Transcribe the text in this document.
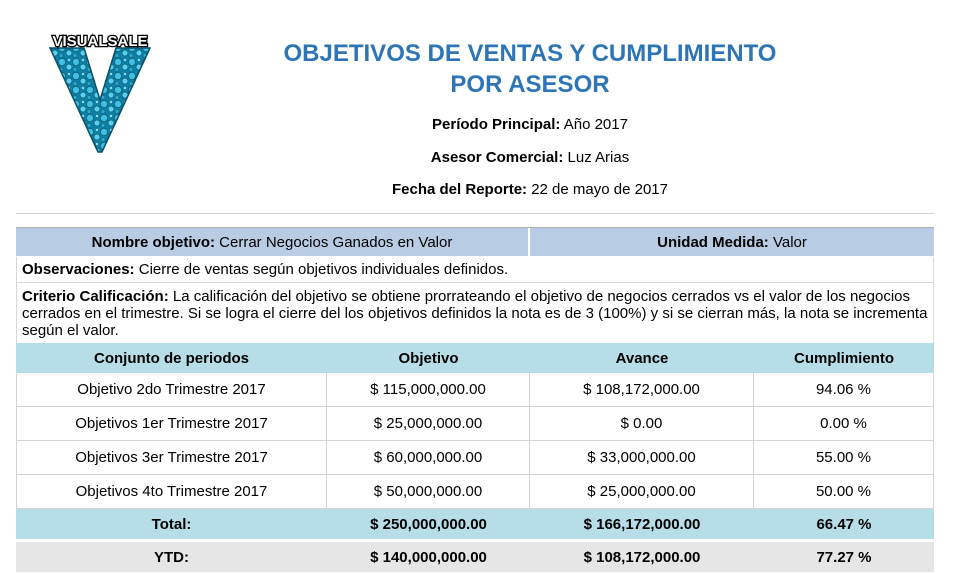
VISUALSALE	OBJETIVOS DE VENTAS Y CUMPLIMIENTO
POR ASESOR
Período Principal: Año 2017
Asesor Comercial: Luz Arias
Fecha del Reporte: 22 de mayo de 2017
Nombre objetivo:
Cerrar Negocios Ganados en Valor	Unidad Medida:
Valor
Observaciones:
Cierre de ventas según objetivos individuales definidos.
Criterio Calificación: La calificación del objetivo se obtiene prorrateando el objetivo de negocios cerrados vs el valor de los negocios cerrados en el trimestre. Si se logra el cierre del los objetivos definidos la nota es de 3 (100%) y si se cierran más, la nota se incrementa según el valor.
Conjunto de periodos	Objetivo	Avance	Cumplimiento
Objetivo 2do Trimestre 2017	$ 115,000,000.00	$ 108,172,000.00	94.06 %
Objetivos 1er Trimestre 2017	$ 25,000,000.00	$ 0.00	0.00 %
Objetivos 3er Trimestre 2017	$ 60,000,000.00	$ 33,000,000.00	55.00 %
Objetivos 4to Trimestre 2017	$ 50,000,000.00	$ 25,000,000.00	50.00 %
Total:	$ 250,000,000.00	$ 166,172,000.00	66.47 %
YTD:	$ 140,000,000.00	$ 108,172,000.00	77.27 %
